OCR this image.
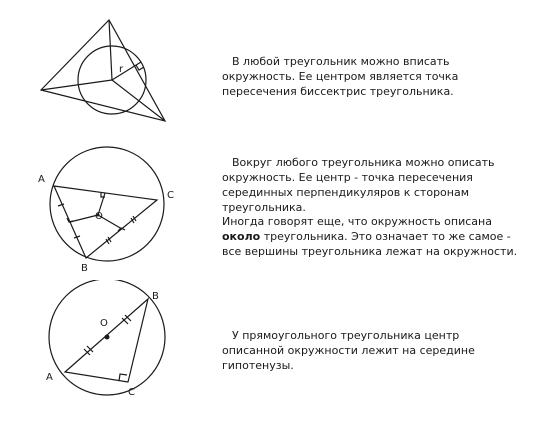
r

В любой треугольник можно вписать окружность. Ее центром является точка пересечения биссектрис треугольника.

A
B
C
O

Вокруг любого треугольника можно описать окружность. Ее центр - точка пересечения серединных перпендикуляров к сторонам треугольника.

Иногда говорят еще, что окружность описана около треугольника. Это означает то же самое - все вершины треугольника лежат на окружности.

A
B
C
O

У прямоугольного треугольника центр описанной окружности лежит на середине гипотенузы.
